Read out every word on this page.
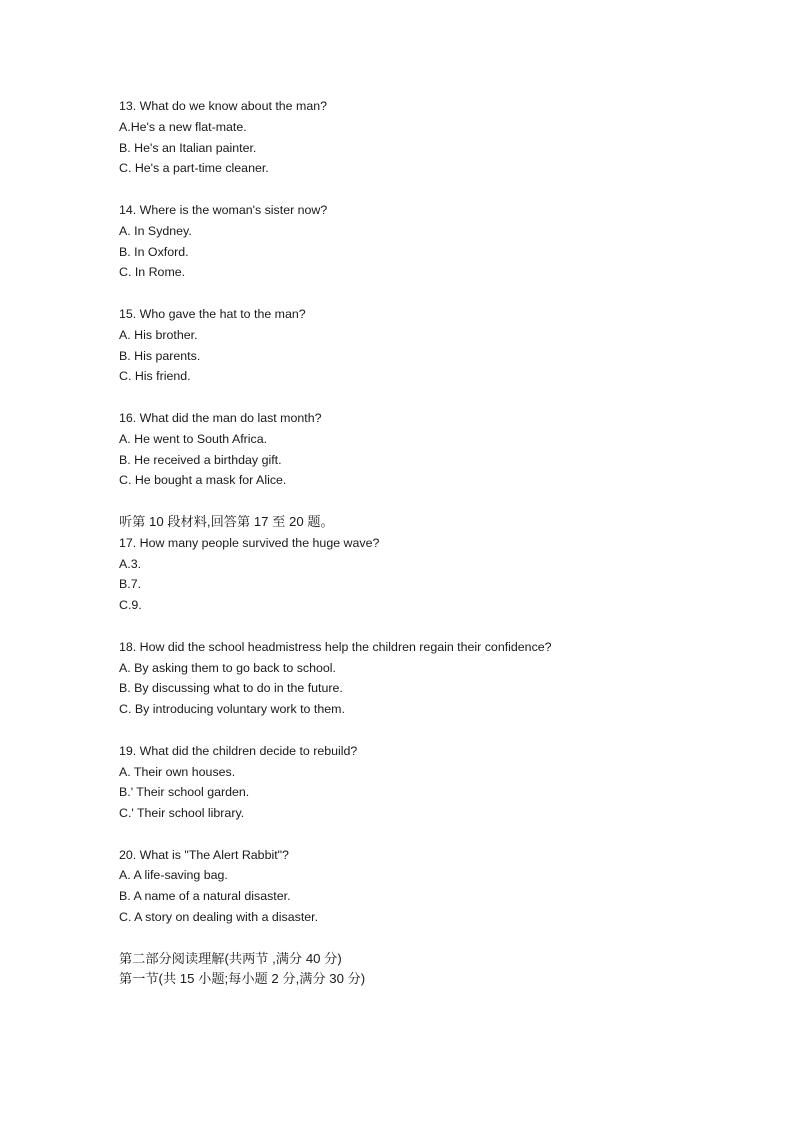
13. What do we know about the man?
A.He's a new flat-mate.
B. He's an Italian painter.
C. He's a part-time cleaner.
14. Where is the woman's sister now?
A. In Sydney.
B. In Oxford.
C. In Rome.
15. Who gave the hat to the man?
A. His brother.
B. His parents.
C. His friend.
16. What did the man do last month?
A. He went to South Africa.
B. He received a birthday gift.
C. He bought a mask for Alice.
听第 10 段材料,回答第 17 至 20 题。
17. How many people survived the huge wave?
A.3.
B.7.
C.9.
18. How did the school headmistress help the children regain their confidence?
A. By asking them to go back to school.
B. By discussing what to do in the future.
C. By introducing voluntary work to them.
19. What did the children decide to rebuild?
A. Their own houses.
B.' Their school garden.
C.' Their school library.
20. What is "The Alert Rabbit"?
A. A life-saving bag.
B. A name of a natural disaster.
C. A story on dealing with a disaster.
第二部分阅读理解(共两节 ,满分 40 分)
第一节(共 15 小题;每小题 2 分,满分 30 分)
